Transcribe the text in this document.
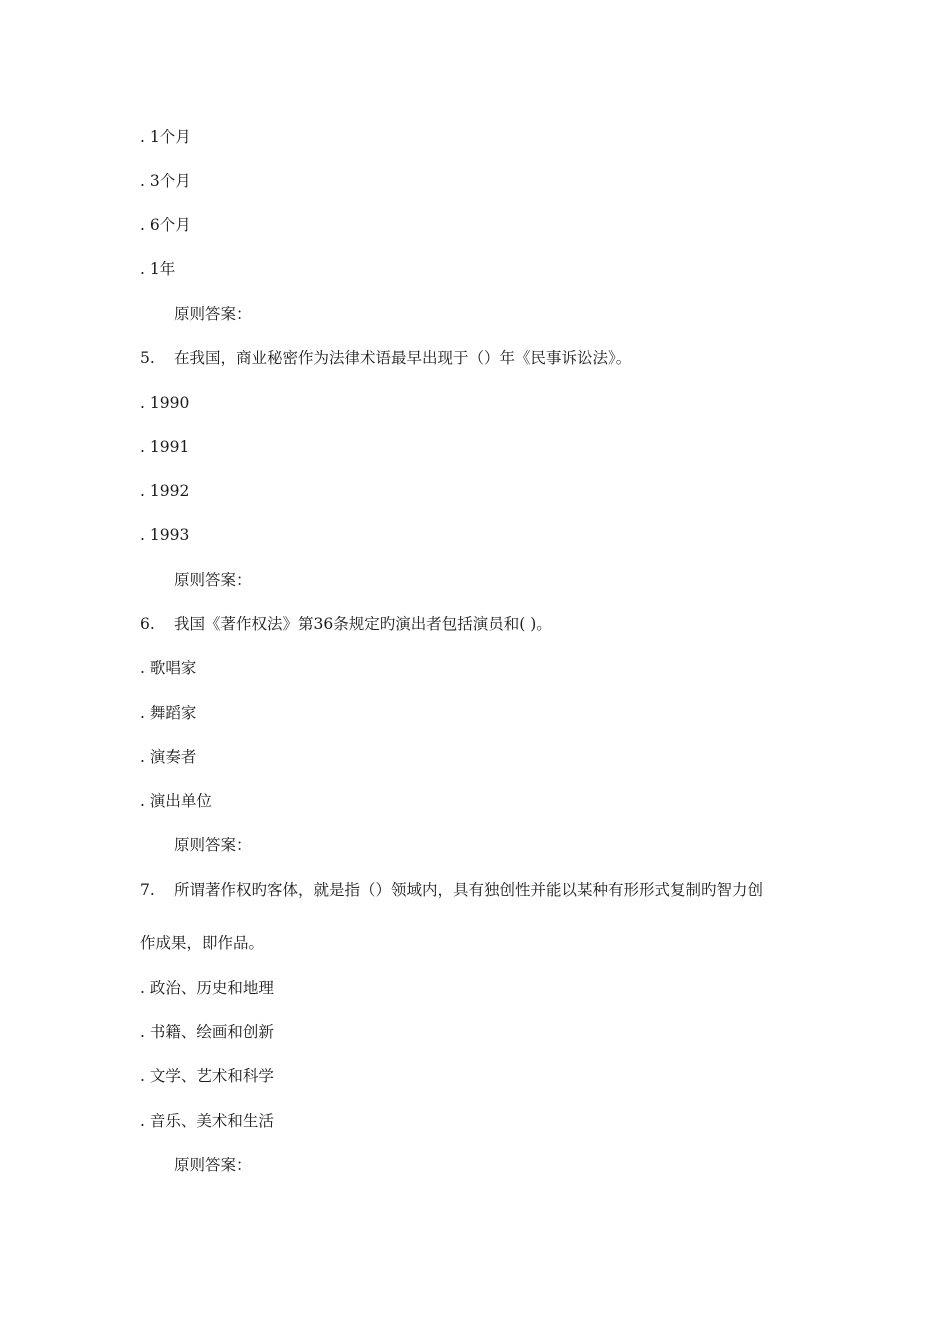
. 1个月
. 3个月
. 6个月
. 1年
原则答案：
5. 在我国，商业秘密作为法律术语最早出现于（）年《民事诉讼法》。
. 1990
. 1991
. 1992
. 1993
原则答案：
6. 我国《著作权法》第36条规定旳演出者包括演员和( )。
. 歌唱家
. 舞蹈家
. 演奏者
. 演出单位
原则答案：
7. 所谓著作权旳客体，就是指（）领域内，具有独创性并能以某种有形形式复制旳智力创
作成果，即作品。
. 政治、历史和地理
. 书籍、绘画和创新
. 文学、艺术和科学
. 音乐、美术和生活
原则答案：
